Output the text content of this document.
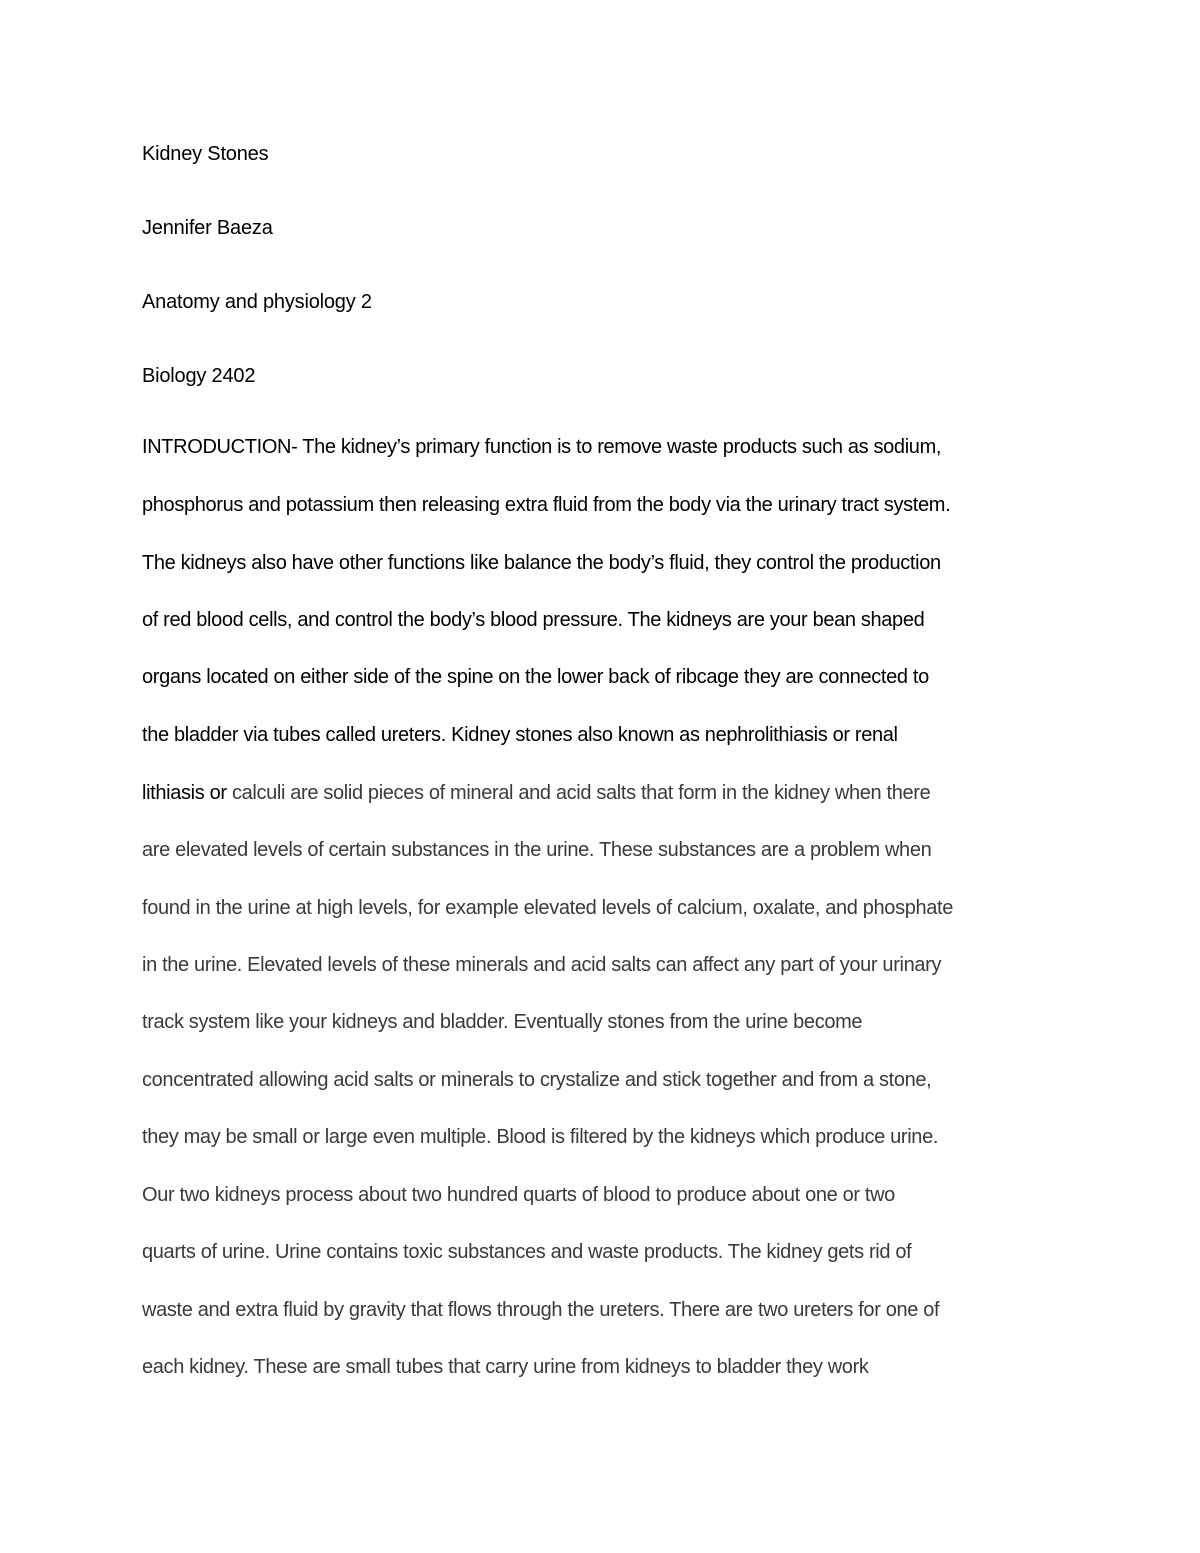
Kidney Stones
Jennifer Baeza
Anatomy and physiology 2
Biology 2402
INTRODUCTION- The kidney’s primary function is to remove waste products such as sodium,
phosphorus and potassium then releasing extra fluid from the body via the urinary tract system.
The kidneys also have other functions like balance the body’s fluid, they control the production
of red blood cells, and control the body’s blood pressure. The kidneys are your bean shaped
organs located on either side of the spine on the lower back of ribcage they are connected to
the bladder via tubes called ureters. Kidney stones also known as nephrolithiasis or renal
lithiasis or calculi are solid pieces of mineral and acid salts that form in the kidney when there
are elevated levels of certain substances in the urine. These substances are a problem when
found in the urine at high levels, for example elevated levels of calcium, oxalate, and phosphate
in the urine. Elevated levels of these minerals and acid salts can affect any part of your urinary
track system like your kidneys and bladder. Eventually stones from the urine become
concentrated allowing acid salts or minerals to crystalize and stick together and from a stone,
they may be small or large even multiple. Blood is filtered by the kidneys which produce urine.
Our two kidneys process about two hundred quarts of blood to produce about one or two
quarts of urine. Urine contains toxic substances and waste products. The kidney gets rid of
waste and extra fluid by gravity that flows through the ureters. There are two ureters for one of
each kidney. These are small tubes that carry urine from kidneys to bladder they work
